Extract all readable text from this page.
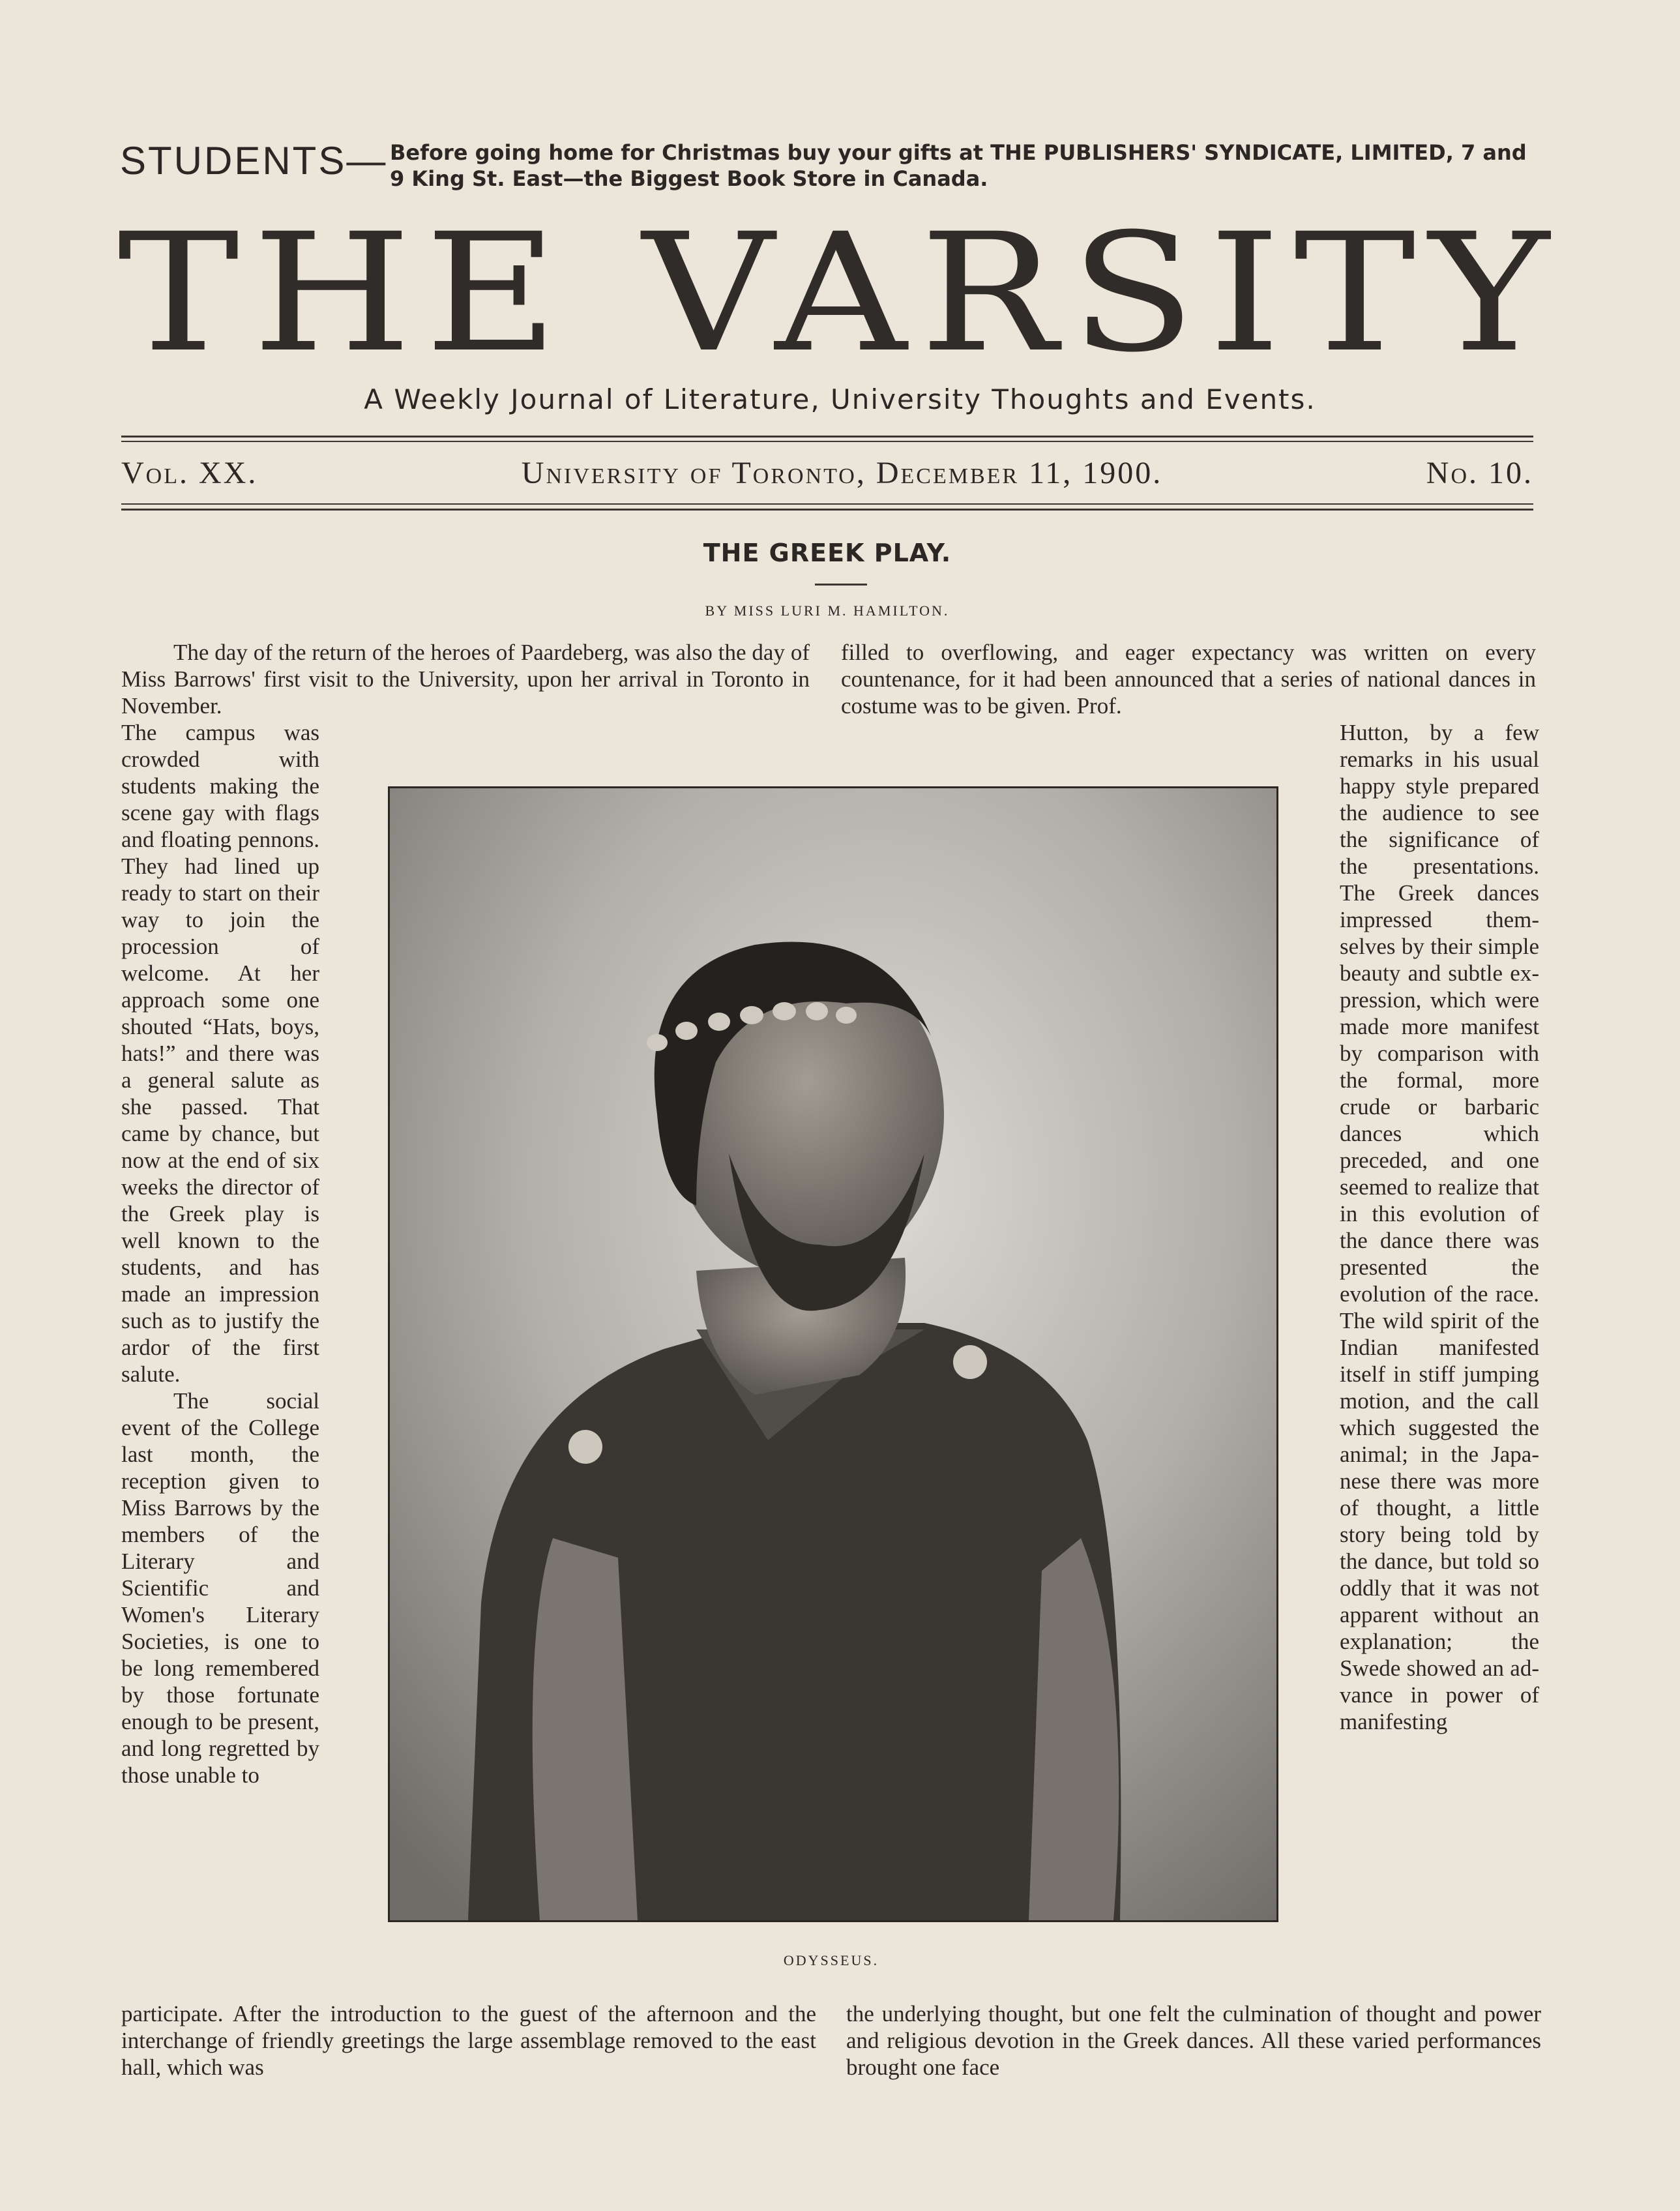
STUDENTS— Before going home for Christmas buy your gifts at THE PUBLISHERS' SYNDICATE, LIMITED, 7 and 9 King St. East—the Biggest Book Store in Canada.
THE VARSITY
A Weekly Journal of Literature, University Thoughts and Events.
Vol. XX.	University of Toronto, December 11, 1900.	No. 10.
THE GREEK PLAY.
BY MISS LURI M. HAMILTON.

The day of the return of the heroes of Paardeberg, was also the day of Miss Barrows' first visit to the University, upon her arrival in Toronto in November.

filled to overflowing, and eager expectancy was written on every countenance, for it had been announced that a series of national dances in costume was to be given. Prof.

The campus was crowded with students making the scene gay with flags and floating pennons. They had lined up ready to start on their way to join the procession of welcome. At her approach some one shouted “Hats, boys, hats!” and there was a general salute as she passed. That came by chance, but now at the end of six weeks the director of the Greek play is well known to the students, and has made an impression such as to justify the ardor of the first salute.

The social event of the College last month, the reception given to Miss Barrows by the members of the Literary and Scientific and Women's Literary Societies, is one to be long remembered by those fortunate enough to be present, and long regretted by those unable to

Hutton, by a few remarks in his usual happy style prepared the audience to see the significance of the presentations. The Greek dances impressed themselves by their simple beauty and subtle expression, which were made more manifest by comparison with the formal, more crude or barbaric dances which preceded, and one seemed to realize that in this evolution of the dance there was presented the evolution of the race. The wild spirit of the Indian manifested itself in stiff jumping motion, and the call which suggested the animal; in the Japanese there was more of thought, a little story being told by the dance, but told so oddly that it was not apparent without an explanation; the Swede showed an advance in power of manifesting

ODYSSEUS.

participate. After the introduction to the guest of the afternoon and the interchange of friendly greetings the large assemblage removed to the east hall, which was

the underlying thought, but one felt the culmination of thought and power and religious devotion in the Greek dances. All these varied performances brought one face
